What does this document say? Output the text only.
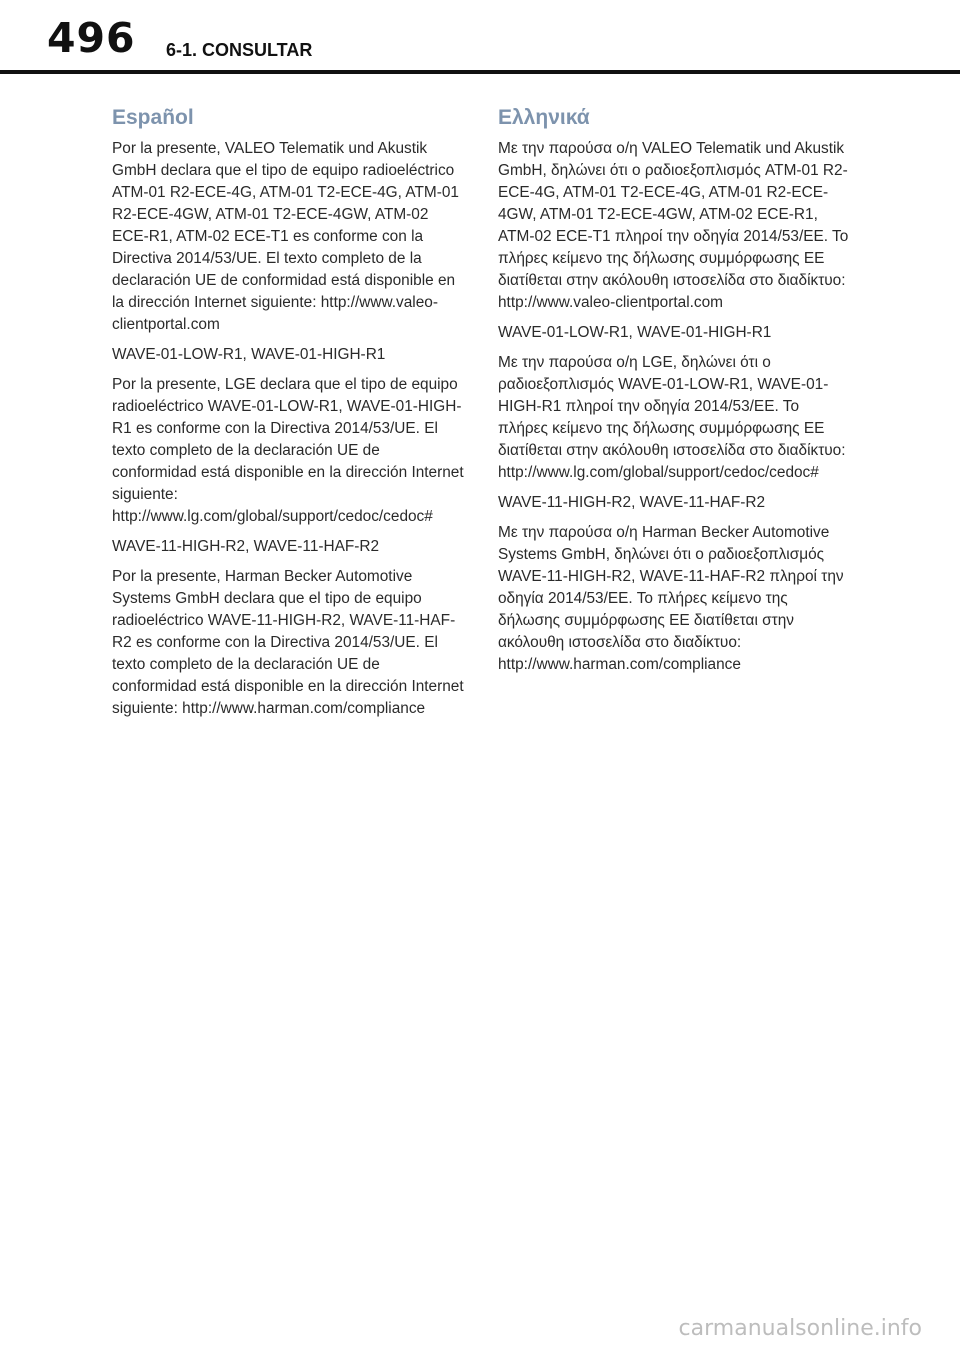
496 6-1. CONSULTAR
Español

Por la presente, VALEO Telematik und Akustik GmbH declara que el tipo de equipo radioeléctrico ATM-01 R2-ECE-4G, ATM-01 T2-ECE-4G, ATM-01 R2-ECE-4GW, ATM-01 T2-ECE-4GW, ATM-02 ECE-R1, ATM-02 ECE-T1 es conforme con la Directiva 2014/53/UE. El texto completo de la declaración UE de conformidad está disponible en la dirección Internet siguiente: http://www.valeo-clientportal.com

WAVE-01-LOW-R1, WAVE-01-HIGH-R1

Por la presente, LGE declara que el tipo de equipo radioeléctrico WAVE-01-LOW-R1, WAVE-01-HIGH-R1 es conforme con la Directiva 2014/53/UE. El texto completo de la declaración UE de conformidad está disponible en la dirección Internet siguiente: http://www.lg.com/global/support/cedoc/cedoc#

WAVE-11-HIGH-R2, WAVE-11-HAF-R2

Por la presente, Harman Becker Automotive Systems GmbH declara que el tipo de equipo radioeléctrico WAVE-11-HIGH-R2, WAVE-11-HAF-R2 es conforme con la Directiva 2014/53/UE. El texto completo de la declaración UE de conformidad está disponible en la dirección Internet siguiente: http://www.harman.com/compliance

Ελληνικά

Με την παρούσα ο/η VALEO Telematik und Akustik GmbH, δηλώνει ότι ο ραδιοεξοπλισμός ATM-01 R2-ECE-4G, ATM-01 T2-ECE-4G, ATM-01 R2-ECE-4GW, ATM-01 T2-ECE-4GW, ATM-02 ECE-R1, ATM-02 ECE-T1 πληροί την οδηγία 2014/53/ΕΕ. Το πλήρες κείμενο της δήλωσης συμμόρφωσης ΕΕ διατίθεται στην ακόλουθη ιστοσελίδα στο διαδίκτυο: http://www.valeo-clientportal.com

WAVE-01-LOW-R1, WAVE-01-HIGH-R1

Με την παρούσα ο/η LGE, δηλώνει ότι ο ραδιοεξοπλισμός WAVE-01-LOW-R1, WAVE-01-HIGH-R1 πληροί την οδηγία 2014/53/ΕΕ. Το πλήρες κείμενο της δήλωσης συμμόρφωσης ΕΕ διατίθεται στην ακόλουθη ιστοσελίδα στο διαδίκτυο: http://www.lg.com/global/support/cedoc/cedoc#

WAVE-11-HIGH-R2, WAVE-11-HAF-R2

Με την παρούσα ο/η Harman Becker Automotive Systems GmbH, δηλώνει ότι ο ραδιοεξοπλισμός WAVE-11-HIGH-R2, WAVE-11-HAF-R2 πληροί την οδηγία 2014/53/ΕΕ. Το πλήρες κείμενο της δήλωσης συμμόρφωσης ΕΕ διατίθεται στην ακόλουθη ιστοσελίδα στο διαδίκτυο: http://www.harman.com/compliance

carmanualsonline.info
